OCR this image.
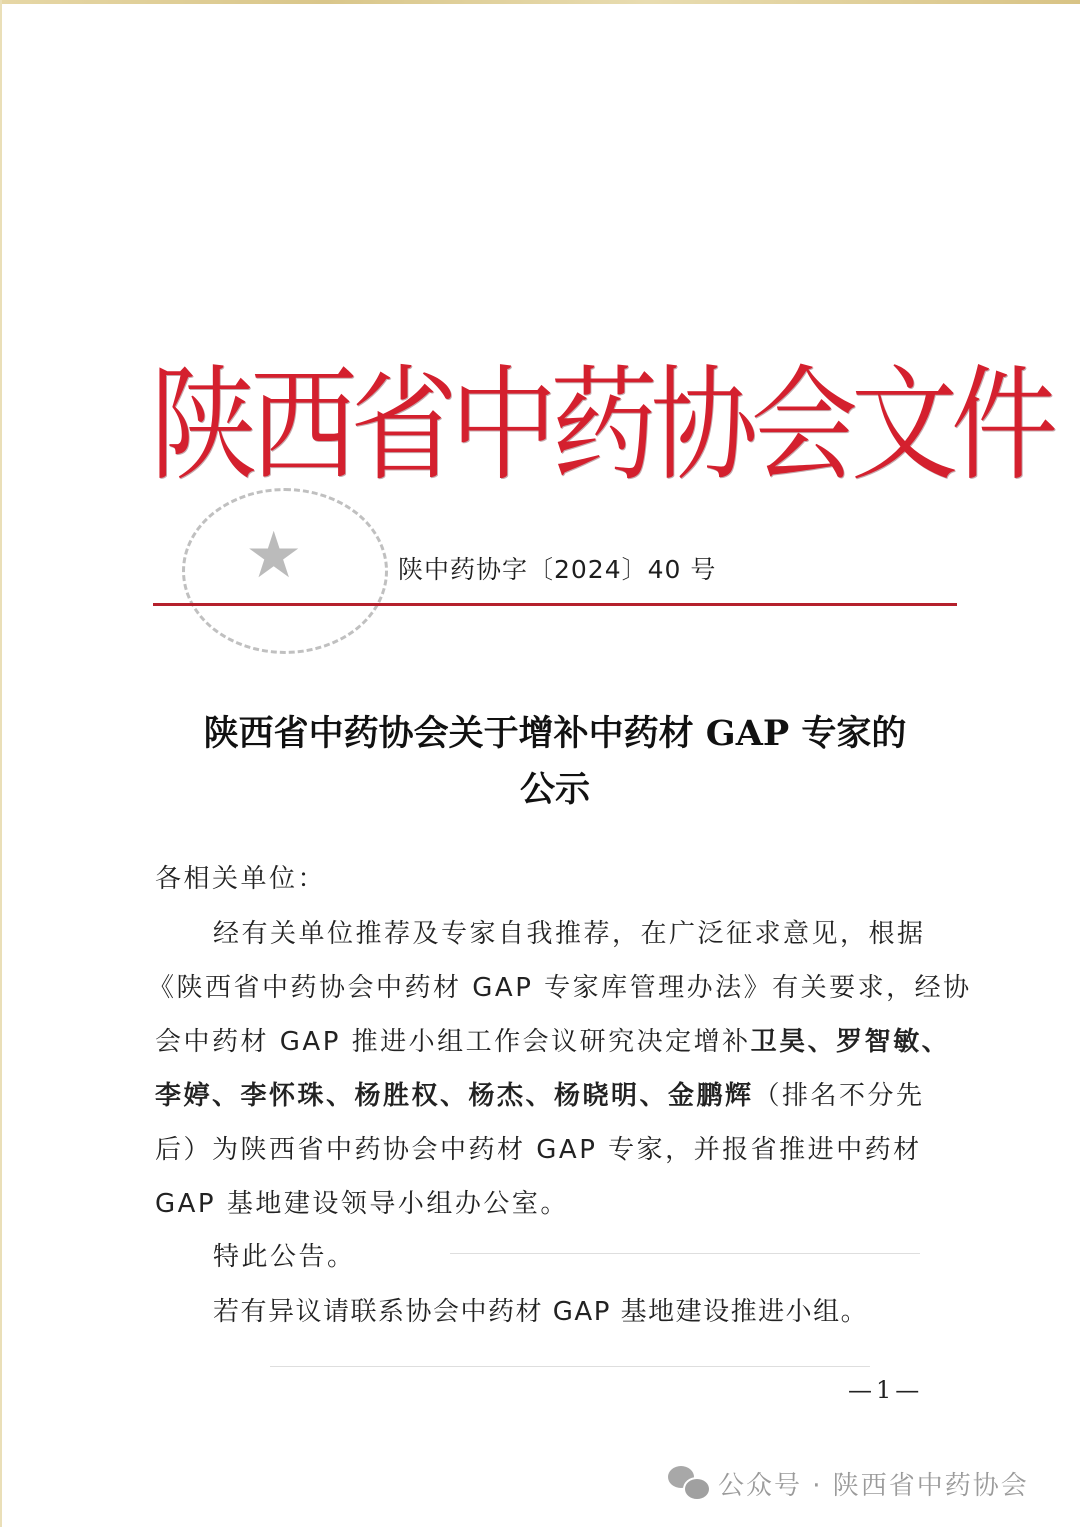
陕西省中药协会文件
★	陕中药协字〔2024〕40 号
陕西省中药协会关于增补中药材 GAP 专家的
公示
各相关单位：
经有关单位推荐及专家自我推荐，在广泛征求意见，根据
《陕西省中药协会中药材 GAP 专家库管理办法》有关要求，经协
会中药材 GAP 推进小组工作会议研究决定增补卫昊、罗智敏、
李婷、李怀珠、杨胜权、杨杰、杨晓明、金鹏辉（排名不分先
后）为陕西省中药协会中药材 GAP 专家，并报省推进中药材
GAP 基地建设领导小组办公室。
特此公告。
若有异议请联系协会中药材 GAP 基地建设推进小组。
—1—
公众号 · 陕西省中药协会
